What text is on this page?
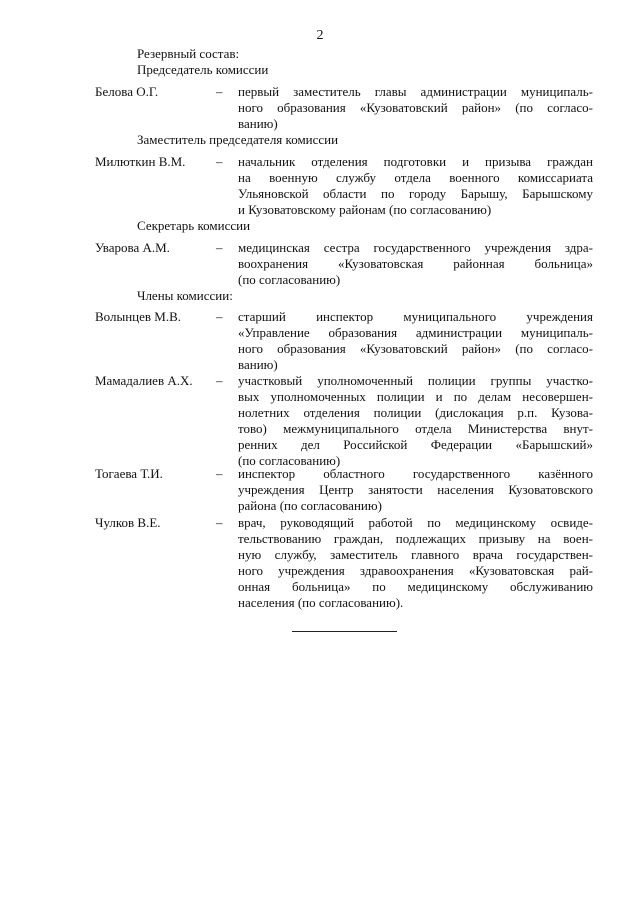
2
Резервный состав:
Председатель комиссии
Белова О.Г.	– первый заместитель главы администрации муниципаль-
ного образования «Кузоватовский район» (по согласо-
ванию)
Заместитель председателя комиссии
Милюткин В.М. – начальник отделения подготовки и призыва граждан
на военную службу отдела военного комиссариата
Ульяновской области по городу Барышу, Барышскому
и Кузоватовскому районам (по согласованию)
Секретарь комиссии
Уварова А.М.	– медицинская сестра государственного учреждения здра-
воохранения «Кузоватовская районная больница»
(по согласованию)
Члены комиссии:
Волынцев М.В.	– старший инспектор муниципального учреждения
«Управление образования администрации муниципаль-
ного образования «Кузоватовский район» (по согласо-
ванию)
Мамадалиев А.Х. – участковый уполномоченный полиции группы участко-
вых уполномоченных полиции и по делам несовершен-
нолетних отделения полиции (дислокация р.п. Кузова-
тово) межмуниципального отдела Министерства внут-
ренних дел Российской Федерации «Барышский»
(по согласованию)
Тогаева Т.И.	– инспектор областного государственного казённого
учреждения Центр занятости населения Кузоватовского
района (по согласованию)
Чулков В.Е.	– врач, руководящий работой по медицинскому освиде-
тельствованию граждан, подлежащих призыву на воен-
ную службу, заместитель главного врача государствен-
ного учреждения здравоохранения «Кузоватовская рай-
онная больница» по медицинскому обслуживанию
населения (по согласованию).
